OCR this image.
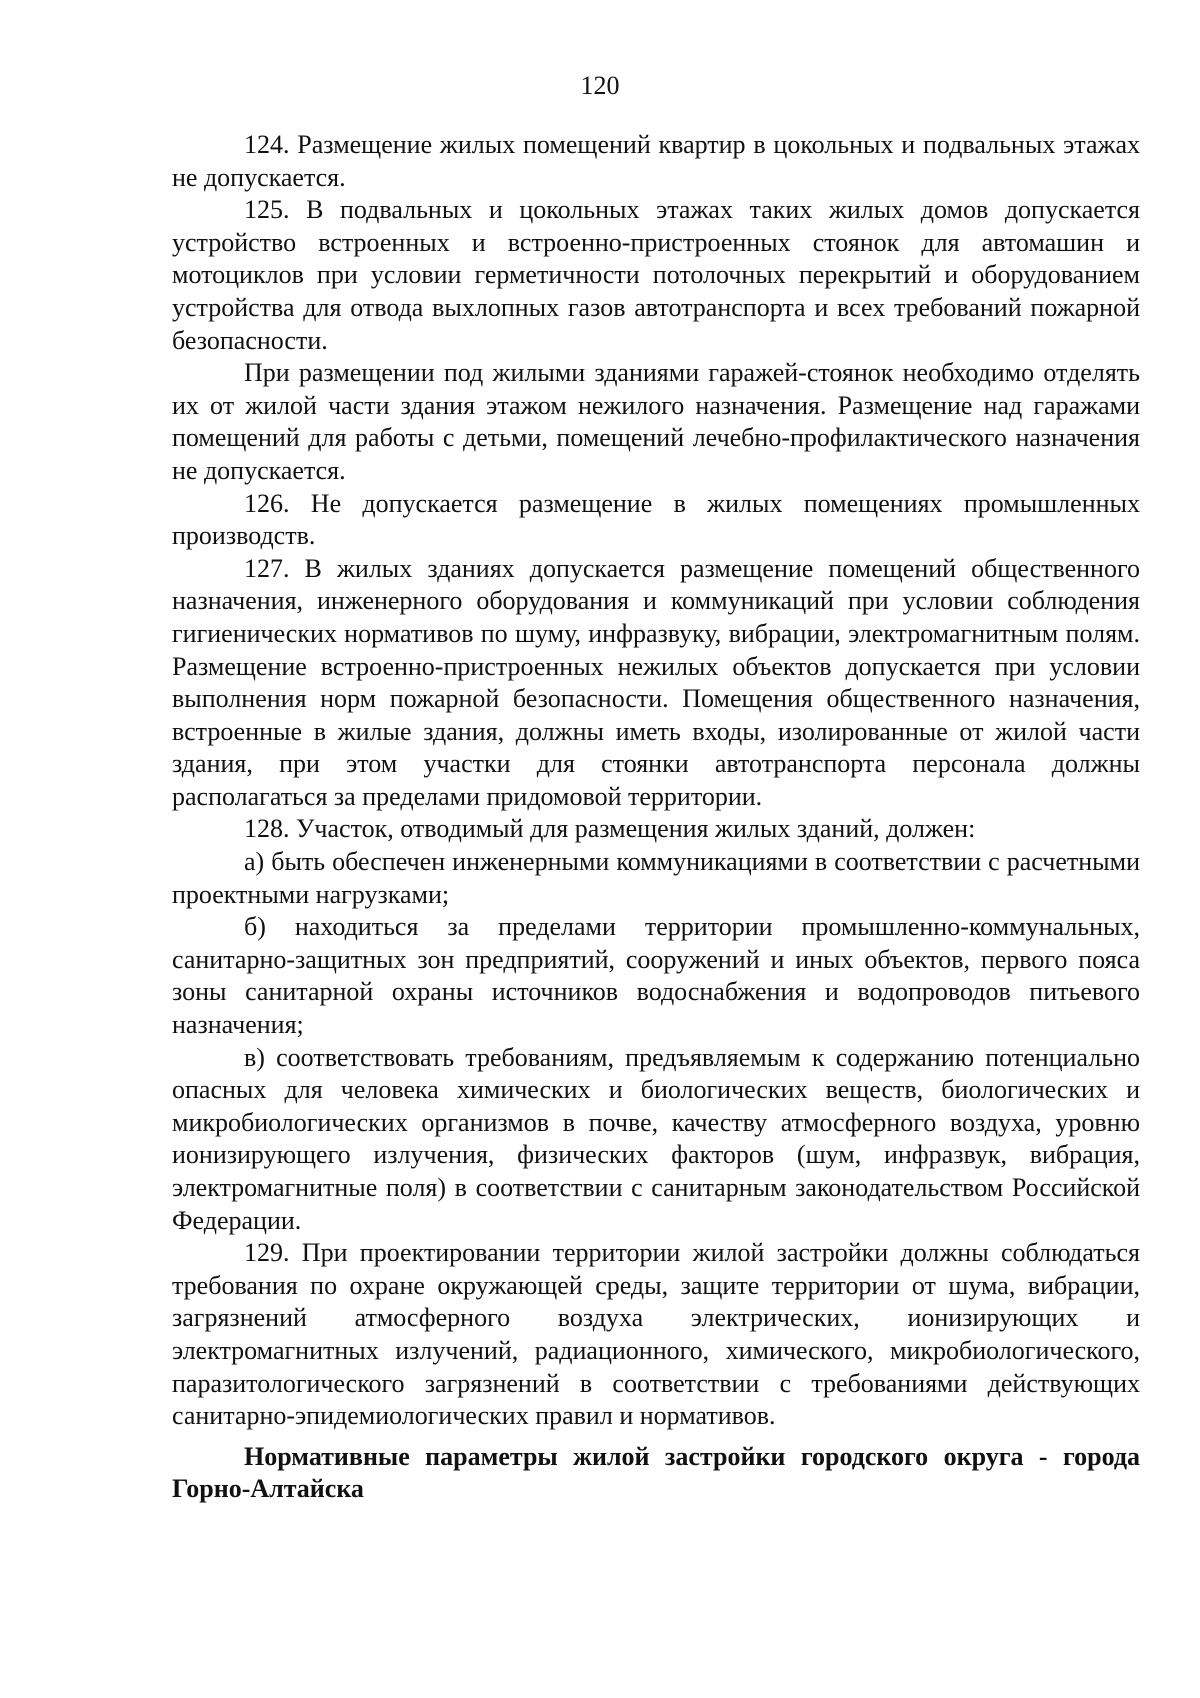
120

124. Размещение жилых помещений квартир в цокольных и подвальных этажах не допускается.

125. В подвальных и цокольных этажах таких жилых домов допускается устройство встроенных и встроенно-пристроенных стоянок для автомашин и мотоциклов при условии герметичности потолочных перекрытий и оборудованием устройства для отвода выхлопных газов автотранспорта и всех требований пожарной безопасности.

При размещении под жилыми зданиями гаражей-стоянок необходимо отделять их от жилой части здания этажом нежилого назначения. Размещение над гаражами помещений для работы с детьми, помещений лечебно-профилактического назначения не допускается.

126. Не допускается размещение в жилых помещениях промышленных производств.

127. В жилых зданиях допускается размещение помещений общественного назначения, инженерного оборудования и коммуникаций при условии соблюдения гигиенических нормативов по шуму, инфразвуку, вибрации, электромагнитным полям. Размещение встроенно-пристроенных нежилых объектов допускается при условии выполнения норм пожарной безопасности. Помещения общественного назначения, встроенные в жилые здания, должны иметь входы, изолированные от жилой части здания, при этом участки для стоянки автотранспорта персонала должны располагаться за пределами придомовой территории.

128. Участок, отводимый для размещения жилых зданий, должен:

а) быть обеспечен инженерными коммуникациями в соответствии с расчетными проектными нагрузками;

б) находиться за пределами территории промышленно-коммунальных, санитарно-защитных зон предприятий, сооружений и иных объектов, первого пояса зоны санитарной охраны источников водоснабжения и водопроводов питьевого назначения;

в) соответствовать требованиям, предъявляемым к содержанию потенциально опасных для человека химических и биологических веществ, биологических и микробиологических организмов в почве, качеству атмосферного воздуха, уровню ионизирующего излучения, физических факторов (шум, инфразвук, вибрация, электромагнитные поля) в соответствии с санитарным законодательством Российской Федерации.

129. При проектировании территории жилой застройки должны соблюдаться требования по охране окружающей среды, защите территории от шума, вибрации, загрязнений атмосферного воздуха электрических, ионизирующих и электромагнитных излучений, радиационного, химического, микробиологического, паразитологического загрязнений в соответствии с требованиями действующих санитарно-эпидемиологических правил и нормативов.

Нормативные параметры жилой застройки городского округа - города Горно-Алтайска
